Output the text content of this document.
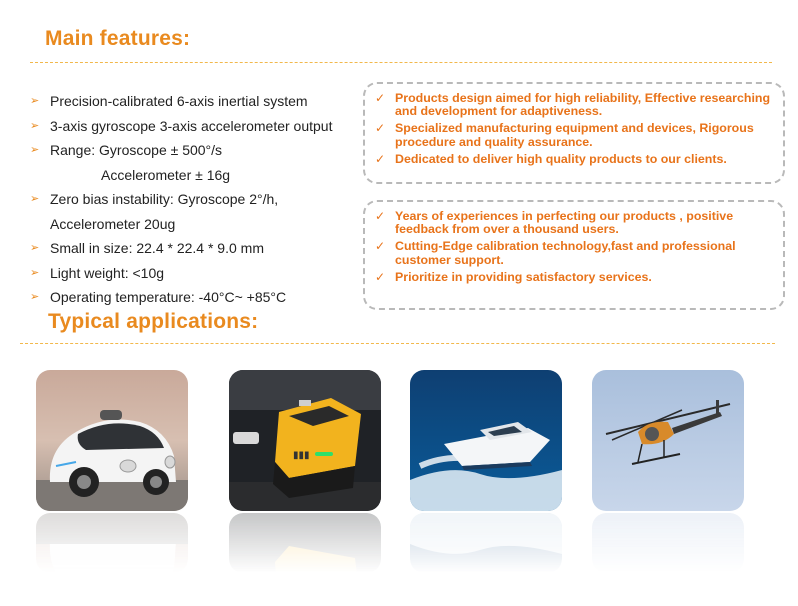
Main features:
➢ Precision-calibrated 6-axis inertial system
➢ 3-axis gyroscope 3-axis accelerometer output
➢ Range: Gyroscope ± 500°/s
Accelerometer ± 16g
➢ Zero bias instability: Gyroscope 2°/h,
Accelerometer 20ug
➢ Small in size: 22.4 * 22.4 * 9.0 mm
➢ Light weight: <10g
➢ Operating temperature: -40°C~ +85°C
✓ Products design aimed for high reliability, Effective researching and development for adaptiveness.
✓ Specialized manufacturing equipment and devices, Rigorous procedure and quality assurance.
✓ Dedicated to deliver high quality products to our clients.
✓ Years of experiences in perfecting our products , positive feedback from over a thousand users.
✓ Cutting-Edge calibration technology,fast and professional customer support.
✓ Prioritize in providing satisfactory services.
Typical applications:
▮▮▮
